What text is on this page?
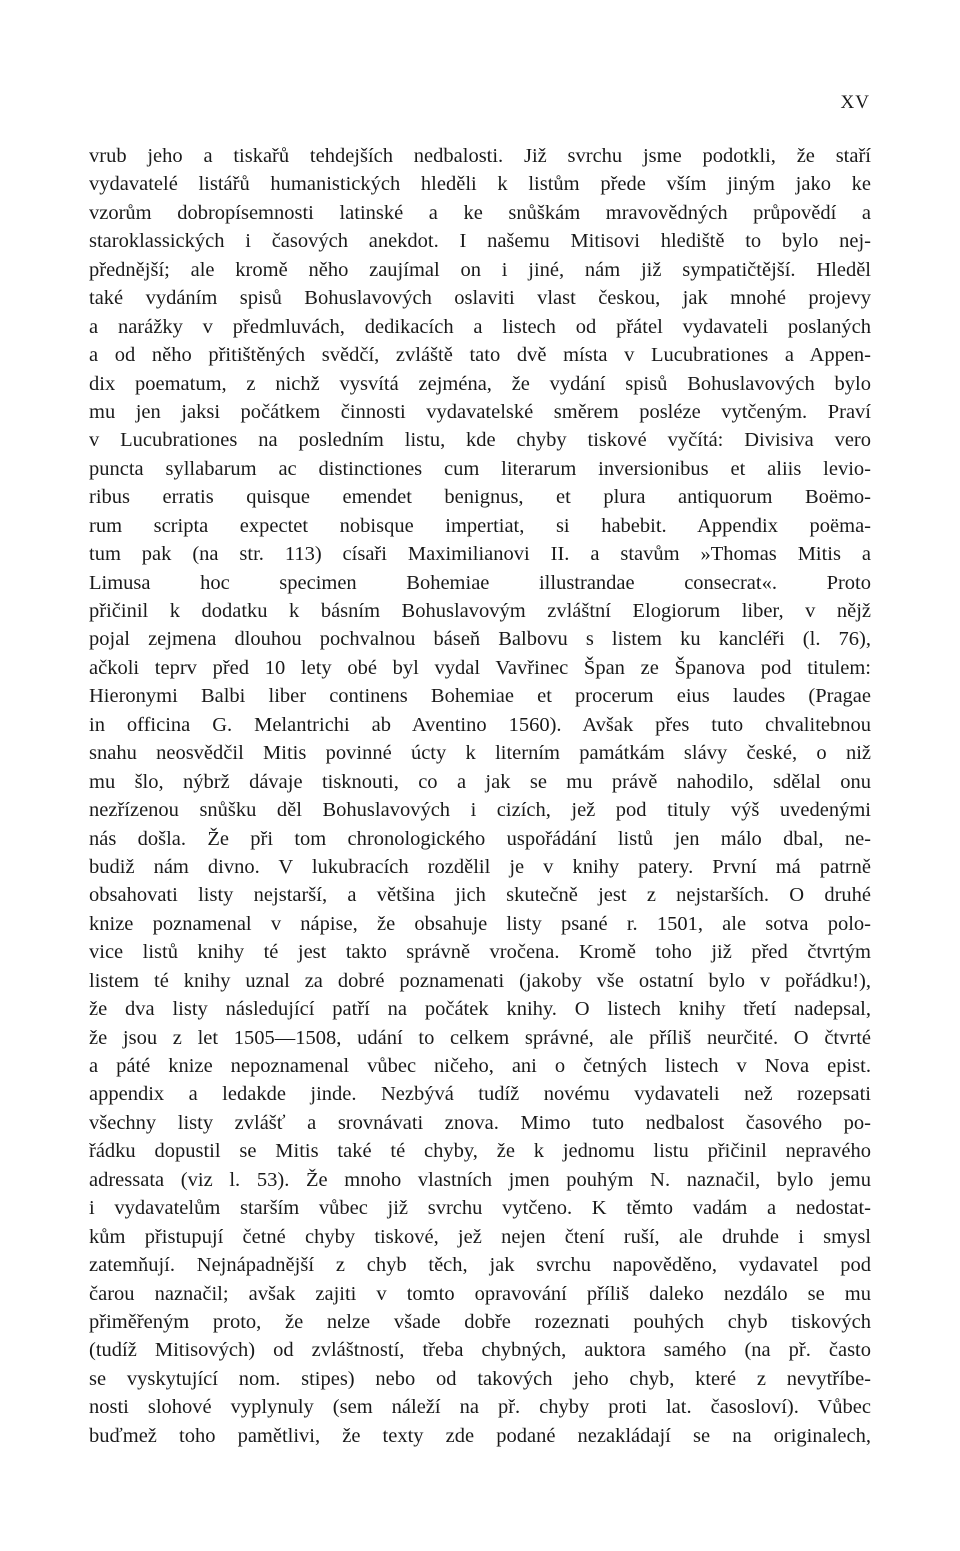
XV
vrub jeho a tiskařů tehdejších nedbalosti. Již svrchu jsme podotkli, že staří
vydavatelé listářů humanistických hleděli k listům přede vším jiným jako ke
vzorům dobropísemnosti latinské a ke snůškám mravovědných průpovědí a
staroklassických i časových anekdot. I našemu Mitisovi hlediště to bylo nej-
přednější; ale kromě něho zaujímal on i jiné, nám již sympatičtější. Hleděl
také vydáním spisů Bohuslavových oslaviti vlast českou, jak mnohé projevy
a narážky v předmluvách, dedikacích a listech od přátel vydavateli poslaných
a od něho přitištěných svědčí, zvláště tato dvě místa v Lucubrationes a Appen-
dix poematum, z nichž vysvítá zejména, že vydání spisů Bohuslavových bylo
mu jen jaksi počátkem činnosti vydavatelské směrem posléze vytčeným. Praví
v Lucubrationes na posledním listu, kde chyby tiskové vyčítá: Divisiva vero
puncta syllabarum ac distinctiones cum literarum inversionibus et aliis levio-
ribus erratis quisque emendet benignus, et plura antiquorum Boëmo-
rum scripta expectet nobisque impertiat, si habebit. Appendix poëma-
tum pak (na str. 113) císaři Maximilianovi II. a stavům »Thomas Mitis a
Limusa hoc specimen Bohemiae illustrandae consecrat«. Proto
přičinil k dodatku k básním Bohuslavovým zvláštní Elogiorum liber, v nějž
pojal zejmena dlouhou pochvalnou báseň Balbovu s listem ku kancléři (l. 76),
ačkoli teprv před 10 lety obé byl vydal Vavřinec Špan ze Španova pod titulem:
Hieronymi Balbi liber continens Bohemiae et procerum eius laudes (Pragae
in officina G. Melantrichi ab Aventino 1560). Avšak přes tuto chvalitebnou
snahu neosvědčil Mitis povinné úcty k literním památkám slávy české, o niž
mu šlo, nýbrž dávaje tisknouti, co a jak se mu právě nahodilo, sdělal onu
nezřízenou snůšku děl Bohuslavových i cizích, jež pod tituly výš uvedenými
nás došla. Že při tom chronologického uspořádání listů jen málo dbal, ne-
budiž nám divno. V lukubracích rozdělil je v knihy patery. První má patrně
obsahovati listy nejstarší, a většina jich skutečně jest z nejstarších. O druhé
knize poznamenal v nápise, že obsahuje listy psané r. 1501, ale sotva polo-
vice listů knihy té jest takto správně vročena. Kromě toho již před čtvrtým
listem té knihy uznal za dobré poznamenati (jakoby vše ostatní bylo v pořádku!),
že dva listy následující patří na počátek knihy. O listech knihy třetí nadepsal,
že jsou z let 1505—1508, udání to celkem správné, ale příliš neurčité. O čtvrté
a páté knize nepoznamenal vůbec ničeho, ani o četných listech v Nova epist.
appendix a ledakde jinde. Nezbývá tudíž novému vydavateli než rozepsati
všechny listy zvlášť a srovnávati znova. Mimo tuto nedbalost časového po-
řádku dopustil se Mitis také té chyby, že k jednomu listu přičinil nepravého
adressata (viz l. 53). Že mnoho vlastních jmen pouhým N. naznačil, bylo jemu
i vydavatelům starším vůbec již svrchu vytčeno. K těmto vadám a nedostat-
kům přistupují četné chyby tiskové, jež nejen čtení ruší, ale druhde i smysl
zatemňují. Nejnápadnější z chyb těch, jak svrchu napověděno, vydavatel pod
čarou naznačil; avšak zajiti v tomto opravování příliš daleko nezdálo se mu
přiměřeným proto, že nelze všade dobře rozeznati pouhých chyb tiskových
(tudíž Mitisových) od zvláštností, třeba chybných, auktora samého (na př. často
se vyskytující nom. stipes) nebo od takových jeho chyb, které z nevytříbe-
nosti slohové vyplynuly (sem náleží na př. chyby proti lat. časosloví). Vůbec
buďmež toho pamětlivi, že texty zde podané nezakládají se na originalech,
